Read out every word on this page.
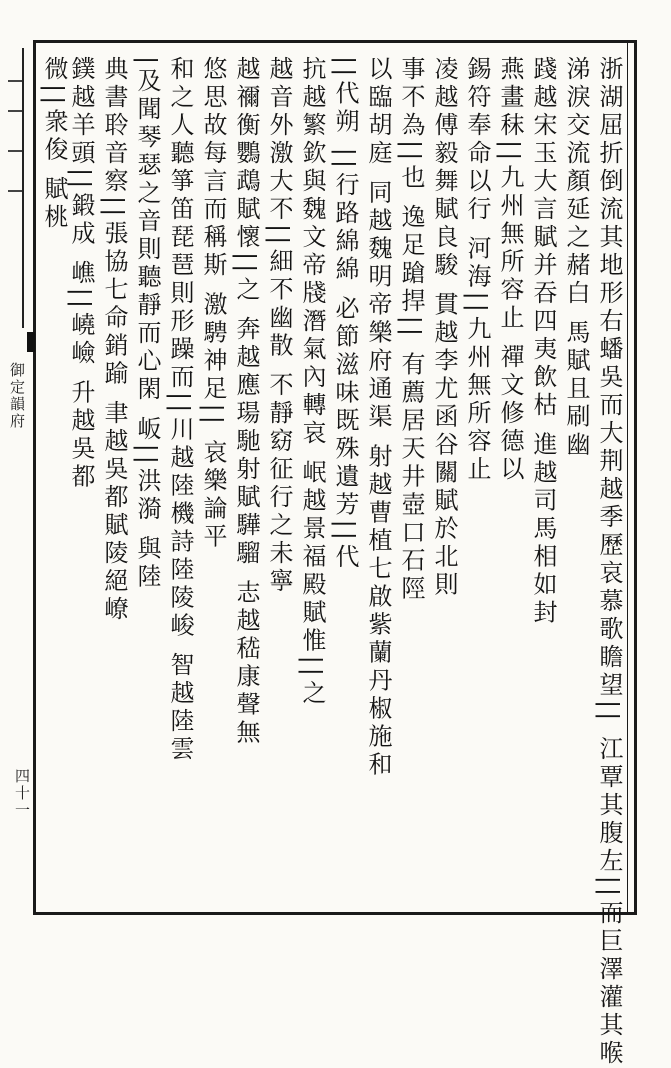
浙湖屈折倒流其地形右蟠吳而大荆越季歷哀慕歌瞻望|| 江覃其腹左||而巨澤灌其喉
涕淚交流顏延之赭白 馬賦且刷幽
踐越宋玉大言賦并吞四夷飲枯 進越司馬相如封
燕畫秣||九州無所容止 禪文修德以
錫符奉命以行 河海||九州無所容止
凌越傅毅舞賦良駿 貫越李尤函谷關賦於北則
事不為||也 逸足蹌捍|| 有薦居天井壺口石陘
以臨胡庭 同越魏明帝樂府通渠 射越曹植七啟紫蘭丹椒施和
||代朔 ||行路綿綿 必節滋味既殊遺芳||代
抗越繁欽與魏文帝牋潛氣內轉哀 岷越景福殿賦惟||之
越音外激大不||細不幽散 不靜窈征行之未寧
越禰衡鸚鵡賦懷||之 奔越應瑒馳射賦驊騮 志越嵇康聲無
悠思故每言而稱斯 激騁神足|| 哀樂論平
和之人聽箏笛琵琶則形躁而||川越陸機詩陸陵峻 智越陸雲
|及聞琴瑟之音則聽靜而心閑 岅||洪漪 與陸
典書聆音察||張協七命銷踰 聿越吳都賦陵絕嶛
鏷越羊頭||鍛成 嶕||嶢嶮 升越吳都
微||衆俊 賦桃
御定韻府
四十一
